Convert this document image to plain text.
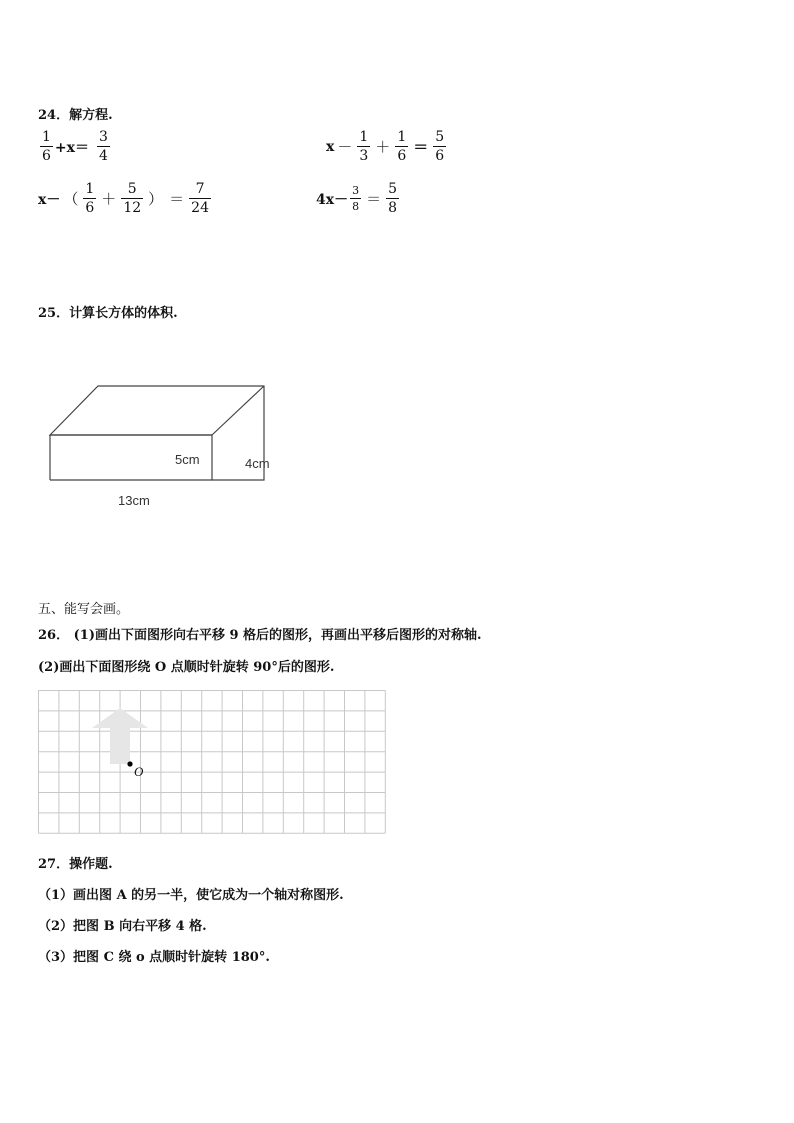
24．解方程.
$\frac{1}{6} +x= \frac{3}{4}$	$x - \frac{1}{3} + \frac{1}{6} = \frac{5}{6}$
x－ （ $\frac{1}{6} + \frac{5}{12}$ ） ＝ $\frac{7}{24}$	$4x- \frac{3}{8} = \frac{5}{8}$
25．计算长方体的体积.
5cm	4cm
13cm
五、能写会画。
26． (1)画出下面图形向右平移 9 格后的图形，再画出平移后图形的对称轴.
(2)画出下面图形绕 O 点顺时针旋转 90°后的图形.
O
27．操作题.
（1）画出图 A 的另一半，使它成为一个轴对称图形.
（2）把图 B 向右平移 4 格.
（3）把图 C 绕 o 点顺时针旋转 180°.
